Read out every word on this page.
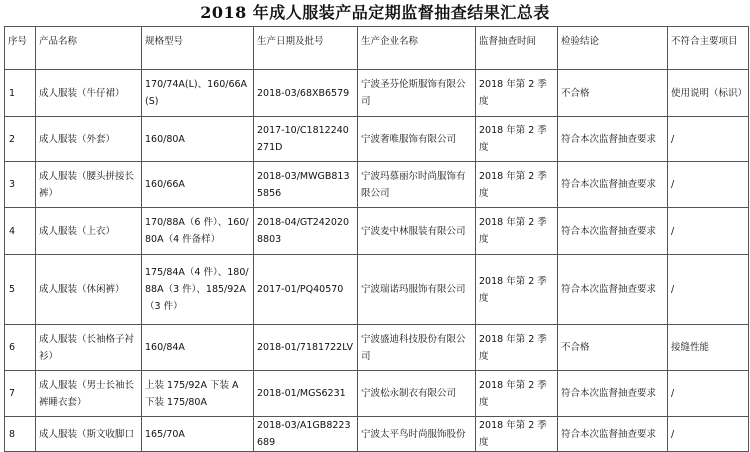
2018 年成人服装产品定期监督抽查结果汇总表
序号	产品名称	规格型号	生产日期及批号	生产企业名称	监督抽查时间	检验结论	不符合主要项目
1	成人服装（牛仔裙）	170/74A(L)、160/66A(S)	2018-03/68XB6579	宁波圣芬伦斯服饰有限公司	2018 年第 2 季度	不合格	使用说明（标识）
2	成人服装（外套）	160/80A	2017-10/C1812240271D	宁波奢唯服饰有限公司	2018 年第 2 季度	符合本次监督抽查要求	/
3	成人服装（腰头拼接长裤）	160/66A	2018-03/MWGB8135856	宁波玛慕丽尔时尚服饰有限公司	2018 年第 2 季度	符合本次监督抽查要求	/
4	成人服装（上衣）	170/88A（6 件）、160/80A（4 件备样）	2018-04/GT2420208803	宁波麦中林服装有限公司	2018 年第 2 季度	符合本次监督抽查要求	/
5	成人服装（休闲裤）	175/84A（4 件）、180/88A（3 件）、185/92A（3 件）	2017-01/PQ40570	宁波瑞诺玛服饰有限公司	2018 年第 2 季度	符合本次监督抽查要求	/
6	成人服装（长袖格子衬衫）	160/84A	2018-01/7181722LV	宁波盛迪科技股份有限公司	2018 年第 2 季度	不合格	接缝性能
7	成人服装（男士长袖长裤睡衣套）	上装 175/92A 下装 A 下装 175/80A	2018-01/MGS6231	宁波松永制衣有限公司	2018 年第 2 季度	符合本次监督抽查要求	/
8	成人服装（斯文收脚口	165/70A	2018-03/A1GB8223689	宁波太平鸟时尚服饰股份	2018 年第 2 季度	符合本次监督抽查要求	/
